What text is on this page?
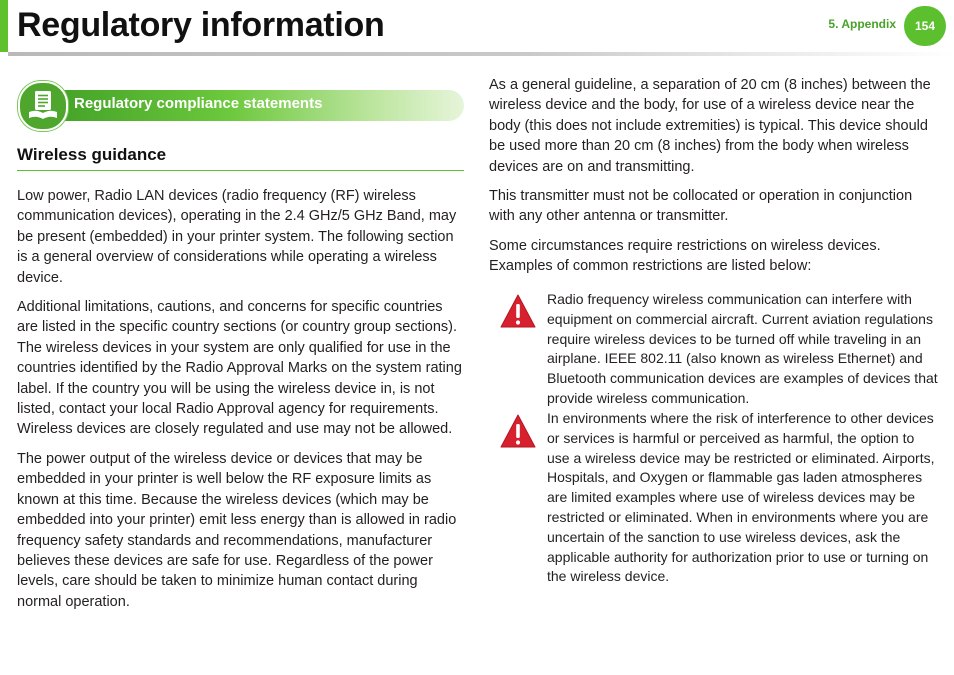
Regulatory information	5. Appendix	154
Regulatory compliance statements
Wireless guidance

Low power, Radio LAN devices (radio frequency (RF) wireless communication devices), operating in the 2.4 GHz/5 GHz Band, may be present (embedded) in your printer system. The following section is a general overview of considerations while operating a wireless device.

Additional limitations, cautions, and concerns for specific countries are listed in the specific country sections (or country group sections). The wireless devices in your system are only qualified for use in the countries identified by the Radio Approval Marks on the system rating label. If the country you will be using the wireless device in, is not listed, contact your local Radio Approval agency for requirements. Wireless devices are closely regulated and use may not be allowed.

The power output of the wireless device or devices that may be embedded in your printer is well below the RF exposure limits as known at this time. Because the wireless devices (which may be embedded into your printer) emit less energy than is allowed in radio frequency safety standards and recommendations, manufacturer believes these devices are safe for use. Regardless of the power levels, care should be taken to minimize human contact during normal operation.

As a general guideline, a separation of 20 cm (8 inches) between the wireless device and the body, for use of a wireless device near the body (this does not include extremities) is typical. This device should be used more than 20 cm (8 inches) from the body when wireless devices are on and transmitting.

This transmitter must not be collocated or operation in conjunction with any other antenna or transmitter.

Some circumstances require restrictions on wireless devices. Examples of common restrictions are listed below:

Radio frequency wireless communication can interfere with equipment on commercial aircraft. Current aviation regulations require wireless devices to be turned off while traveling in an airplane. IEEE 802.11 (also known as wireless Ethernet) and Bluetooth communication devices are examples of devices that provide wireless communication.

In environments where the risk of interference to other devices or services is harmful or perceived as harmful, the option to use a wireless device may be restricted or eliminated. Airports, Hospitals, and Oxygen or flammable gas laden atmospheres are limited examples where use of wireless devices may be restricted or eliminated. When in environments where you are uncertain of the sanction to use wireless devices, ask the applicable authority for authorization prior to use or turning on the wireless device.
